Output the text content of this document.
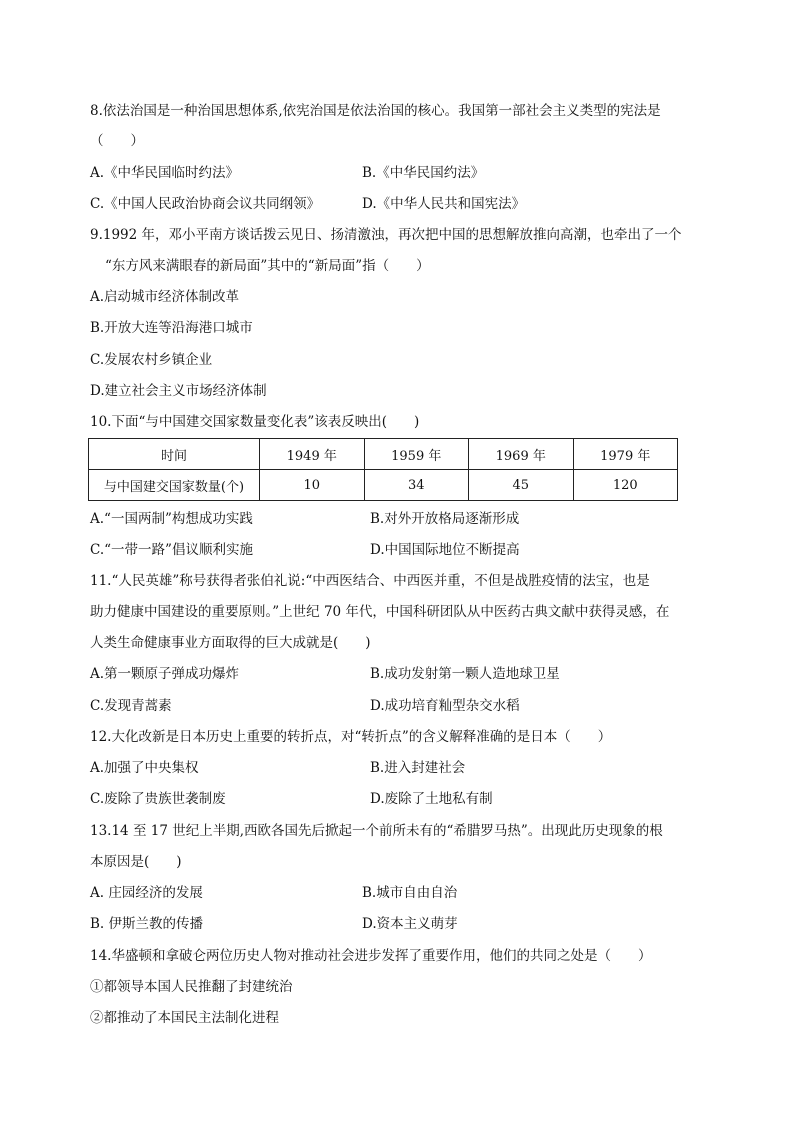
8.依法治国是一种治国思想体系,依宪治国是依法治国的核心。我国第一部社会主义类型的宪法是
（　　）
A.《中华民国临时约法》	B.《中华民国约法》
C.《中国人民政治协商会议共同纲领》	D.《中华人民共和国宪法》
9.1992 年，邓小平南方谈话拨云见日、扬清激浊，再次把中国的思想解放推向高潮，也牵出了一个
“东方风来满眼春的新局面”其中的“新局面”指（　　）
A.启动城市经济体制改革
B.开放大连等沿海港口城市
C.发展农村乡镇企业
D.建立社会主义市场经济体制
10.下面“与中国建交国家数量变化表”该表反映出(　　)
时间	1949 年	1959 年	1969 年	1979 年
与中国建交国家数量(个)	10	34	45	120
A.“一国两制”构想成功实践	B.对外开放格局逐渐形成
C.“一带一路”倡议顺利实施	D.中国国际地位不断提高
11.“人民英雄”称号获得者张伯礼说:“中西医结合、中西医并重，不但是战胜疫情的法宝，也是
助力健康中国建设的重要原则。”上世纪 70 年代，中国科研团队从中医药古典文献中获得灵感，在
人类生命健康事业方面取得的巨大成就是(　　)
A.第一颗原子弹成功爆炸	B.成功发射第一颗人造地球卫星
C.发现青蒿素	D.成功培育籼型杂交水稻
12.大化改新是日本历史上重要的转折点，对“转折点”的含义解释准确的是日本（　　）
A.加强了中央集权	B.进入封建社会
C.废除了贵族世袭制废	D.废除了土地私有制
13.14 至 17 世纪上半期,西欧各国先后掀起一个前所未有的“希腊罗马热”。出现此历史现象的根
本原因是(　　)
A. 庄园经济的发展	B.城市自由自治
B. 伊斯兰教的传播	D.资本主义萌芽
14.华盛顿和拿破仑两位历史人物对推动社会进步发挥了重要作用，他们的共同之处是（　　）
①都领导本国人民推翻了封建统治
②都推动了本国民主法制化进程
